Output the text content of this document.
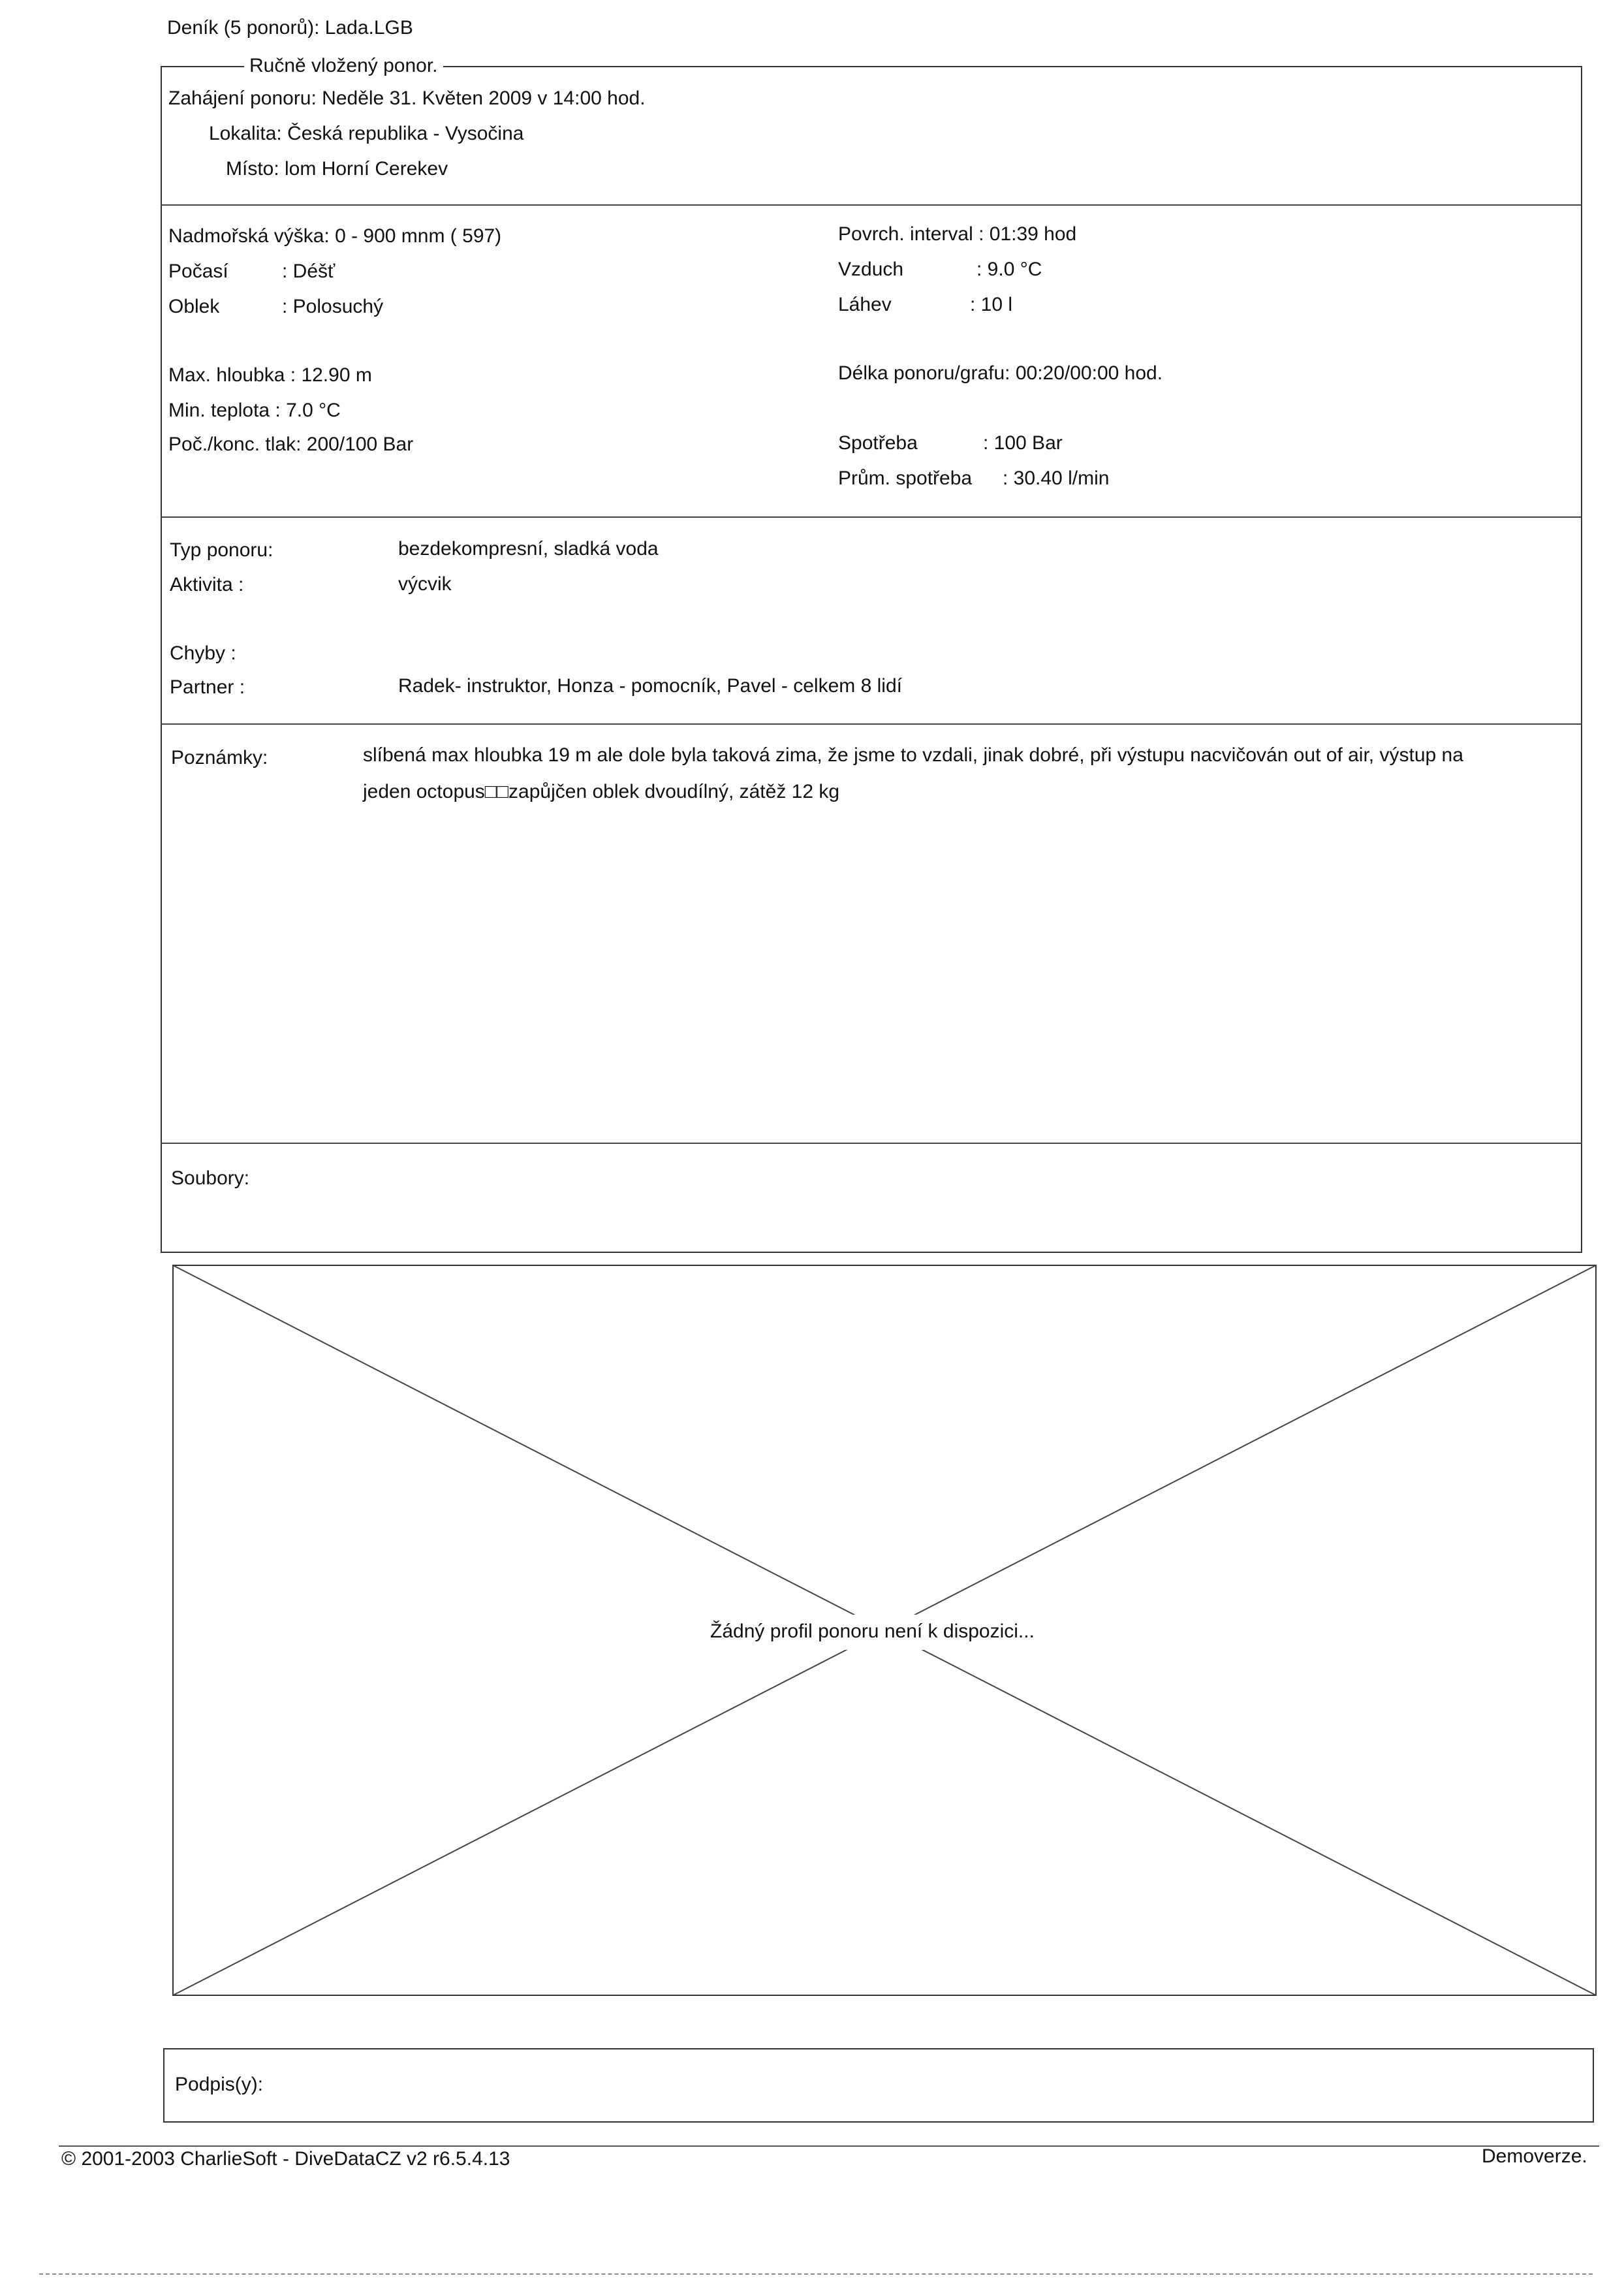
Deník (5 ponorů): Lada.LGB
Ručně vložený ponor.
Zahájení ponoru: Neděle 31. Květen 2009 v 14:00 hod.
Lokalita: Česká republika - Vysočina
Místo: lom Horní Cerekev
Nadmořská výška: 0 - 900 mnm ( 597)
Počasí	: Déšť
Oblek	: Polosuchý
Povrch. interval : 01:39 hod
Vzduch	: 9.0 °C
Láhev	: 10 l
Max. hloubka : 12.90 m
Min. teplota : 7.0 °C
Poč./konc. tlak: 200/100 Bar
Délka ponoru/grafu: 00:20/00:00 hod.
Spotřeba	: 100 Bar
Prům. spotřeba : 30.40 l/min
Typ ponoru:	bezdekompresní, sladká voda
Aktivita :	výcvik
Chyby :
Partner :	Radek- instruktor, Honza - pomocník, Pavel - celkem 8 lidí
Poznámky:	slíbená max hloubka 19 m ale dole byla taková zima, že jsme to vzdali, jinak dobré, při výstupu nacvičován out of air, výstup na
jeden octopus□□zapůjčen oblek dvoudílný, zátěž 12 kg
Soubory:
Žádný profil ponoru není k dispozici...
Podpis(y):
© 2001-2003 CharlieSoft - DiveDataCZ v2 r6.5.4.13	Demoverze.
